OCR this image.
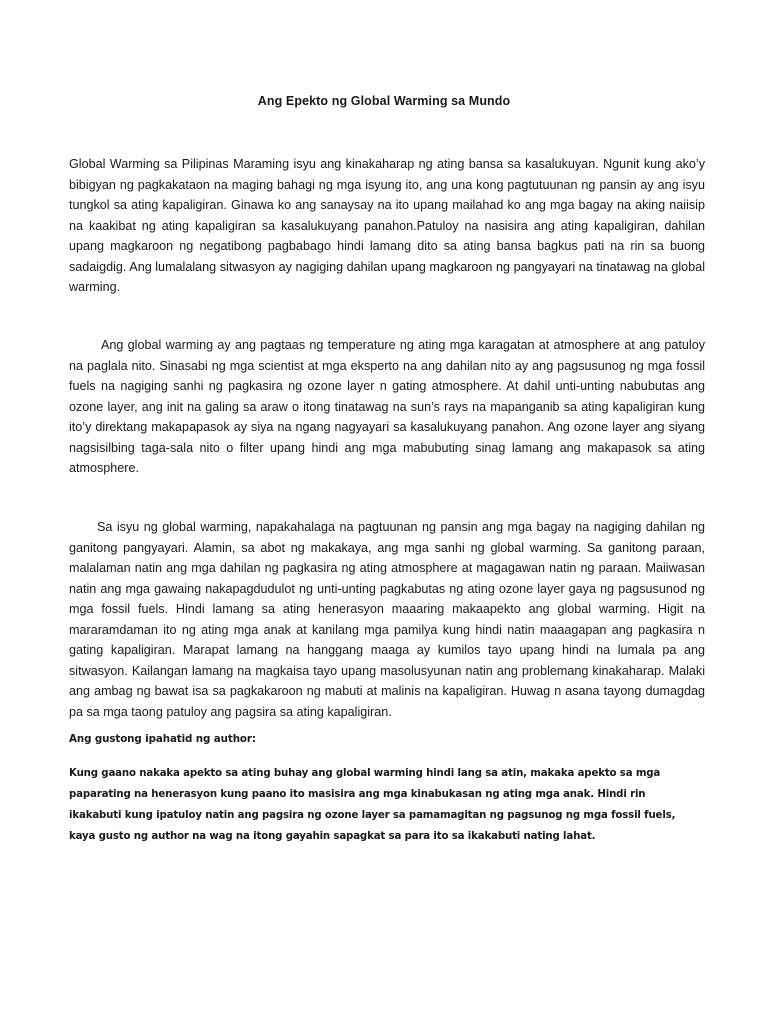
Ang Epekto ng Global Warming sa Mundo

Global Warming sa Pilipinas Maraming isyu ang kinakaharap ng ating bansa sa kasalukuyan. Ngunit kung ako’y bibigyan ng pagkakataon na maging bahagi ng mga isyung ito, ang una kong pagtutuunan ng pansin ay ang isyu tungkol sa ating kapaligiran. Ginawa ko ang sanaysay na ito upang mailahad ko ang mga bagay na aking naiisip na kaakibat ng ating kapaligiran sa kasalukuyang panahon.Patuloy na nasisira ang ating kapaligiran, dahilan upang magkaroon ng negatibong pagbabago hindi lamang dito sa ating bansa bagkus pati na rin sa buong sadaigdig. Ang lumalalang sitwasyon ay nagiging dahilan upang magkaroon ng pangyayari na tinatawag na global warming.

Ang global warming ay ang pagtaas ng temperature ng ating mga karagatan at atmosphere at ang patuloy na paglala nito. Sinasabi ng mga scientist at mga eksperto na ang dahilan nito ay ang pagsusunog ng mga fossil fuels na nagiging sanhi ng pagkasira ng ozone layer n gating atmosphere. At dahil unti-unting nabubutas ang ozone layer, ang init na galing sa araw o itong tinatawag na sun’s rays na mapanganib sa ating kapaligiran kung ito’y direktang makapapasok ay siya na ngang nagyayari sa kasalukuyang panahon. Ang ozone layer ang siyang nagsisilbing taga-sala nito o filter upang hindi ang mga mabubuting sinag lamang ang makapasok sa ating atmosphere.

Sa isyu ng global warming, napakahalaga na pagtuunan ng pansin ang mga bagay na nagiging dahilan ng ganitong pangyayari. Alamin, sa abot ng makakaya, ang mga sanhi ng global warming. Sa ganitong paraan, malalaman natin ang mga dahilan ng pagkasira ng ating atmosphere at magagawan natin ng paraan. Maiiwasan natin ang mga gawaing nakapagdudulot ng unti-unting pagkabutas ng ating ozone layer gaya ng pagsusunod ng mga fossil fuels. Hindi lamang sa ating henerasyon maaaring makaapekto ang global warming. Higit na mararamdaman ito ng ating mga anak at kanilang mga pamilya kung hindi natin maaagapan ang pagkasira n gating kapaligiran. Marapat lamang na hanggang maaga ay kumilos tayo upang hindi na lumala pa ang sitwasyon. Kailangan lamang na magkaisa tayo upang masolusyunan natin ang problemang kinakaharap. Malaki ang ambag ng bawat isa sa pagkakaroon ng mabuti at malinis na kapaligiran. Huwag n asana tayong dumagdag pa sa mga taong patuloy ang pagsira sa ating kapaligiran.

Ang gustong ipahatid ng author:

Kung gaano nakaka apekto sa ating buhay ang global warming hindi lang sa atin, makaka apekto sa mga paparating na henerasyon kung paano ito masisira ang mga kinabukasan ng ating mga anak. Hindi rin ikakabuti kung ipatuloy natin ang pagsira ng ozone layer sa pamamagitan ng pagsunog ng mga fossil fuels, kaya gusto ng author na wag na itong gayahin sapagkat sa para ito sa ikakabuti nating lahat.
